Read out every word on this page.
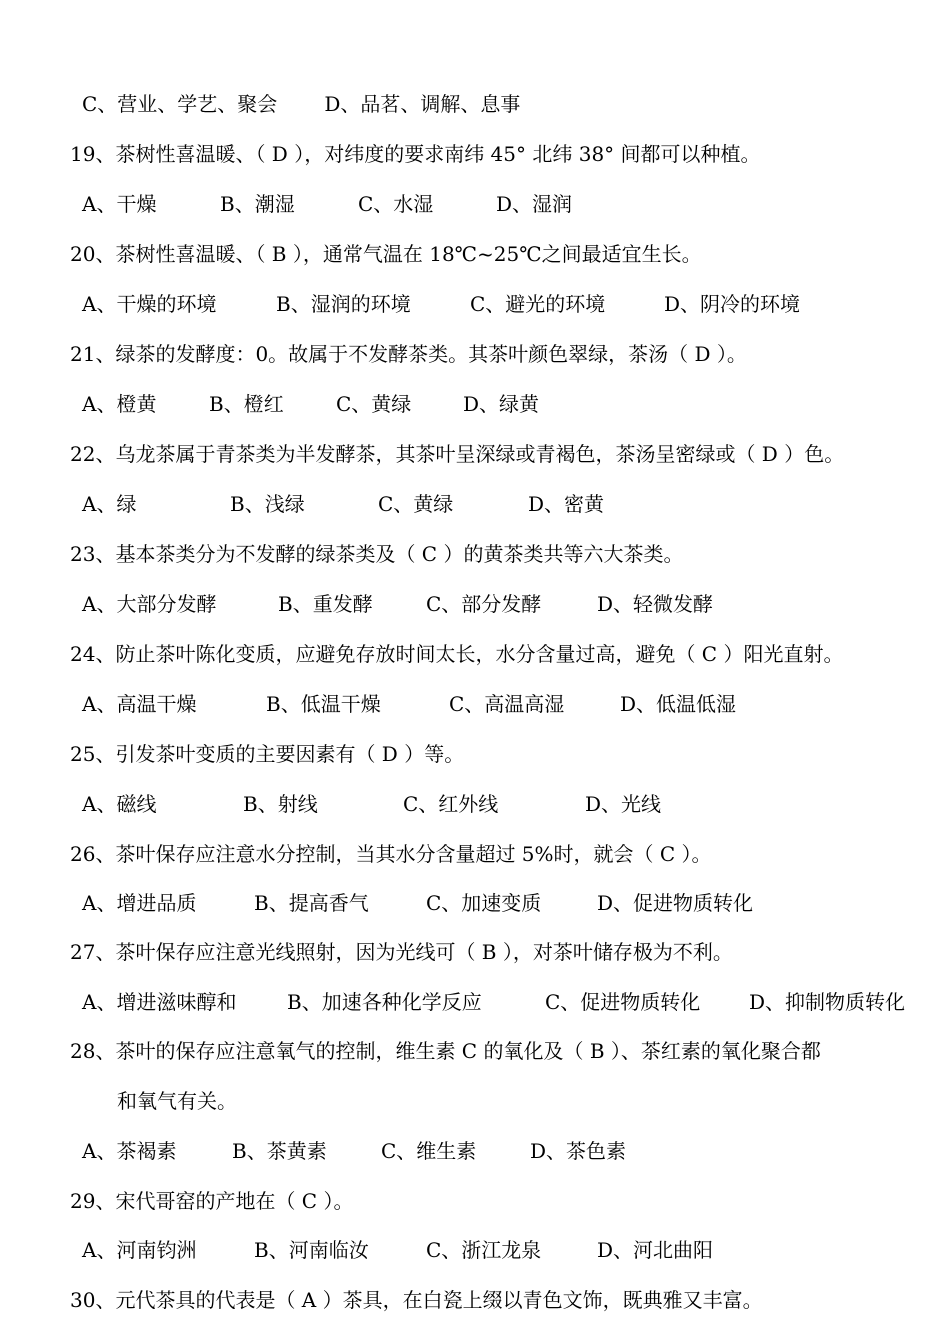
C、营业、学艺、聚会 D、品茗、调解、息事
19、茶树性喜温暖、（ D ），对纬度的要求南纬 45° 北纬 38° 间都可以种植。
A、干燥	B、潮湿	C、水湿	D、湿润
20、茶树性喜温暖、（ B ），通常气温在 18℃~25℃之间最适宜生长。
A、干燥的环境	B、湿润的环境	C、避光的环境	D、阴冷的环境
21、绿茶的发酵度：0。故属于不发酵茶类。其茶叶颜色翠绿，茶汤（ D ）。
A、橙黄	B、橙红	C、黄绿	D、绿黄
22、乌龙茶属于青茶类为半发酵茶，其茶叶呈深绿或青褐色，茶汤呈密绿或（ D ）色。
A、绿	B、浅绿	C、黄绿	D、密黄
23、基本茶类分为不发酵的绿茶类及（ C ）的黄茶类共等六大茶类。
A、大部分发酵	B、重发酵	C、部分发酵	D、轻微发酵
24、防止茶叶陈化变质，应避免存放时间太长，水分含量过高，避免（ C ）阳光直射。
A、高温干燥	B、低温干燥	C、高温高湿	D、低温低湿
25、引发茶叶变质的主要因素有（ D ）等。
A、磁线	B、射线	C、红外线	D、光线
26、茶叶保存应注意水分控制，当其水分含量超过 5%时，就会（ C ）。
A、增进品质	B、提高香气	C、加速变质	D、促进物质转化
27、茶叶保存应注意光线照射，因为光线可（ B ），对茶叶储存极为不利。
A、增进滋味醇和	B、加速各种化学反应	C、促进物质转化 D、抑制物质转化
28、茶叶的保存应注意氧气的控制，维生素 C 的氧化及（ B ）、茶红素的氧化聚合都
和氧气有关。
A、茶褐素	B、茶黄素	C、维生素	D、茶色素
29、宋代哥窑的产地在（ C ）。
A、河南钧洲	B、河南临汝	C、浙江龙泉	D、河北曲阳
30、元代茶具的代表是（ A ）茶具，在白瓷上缀以青色文饰，既典雅又丰富。
